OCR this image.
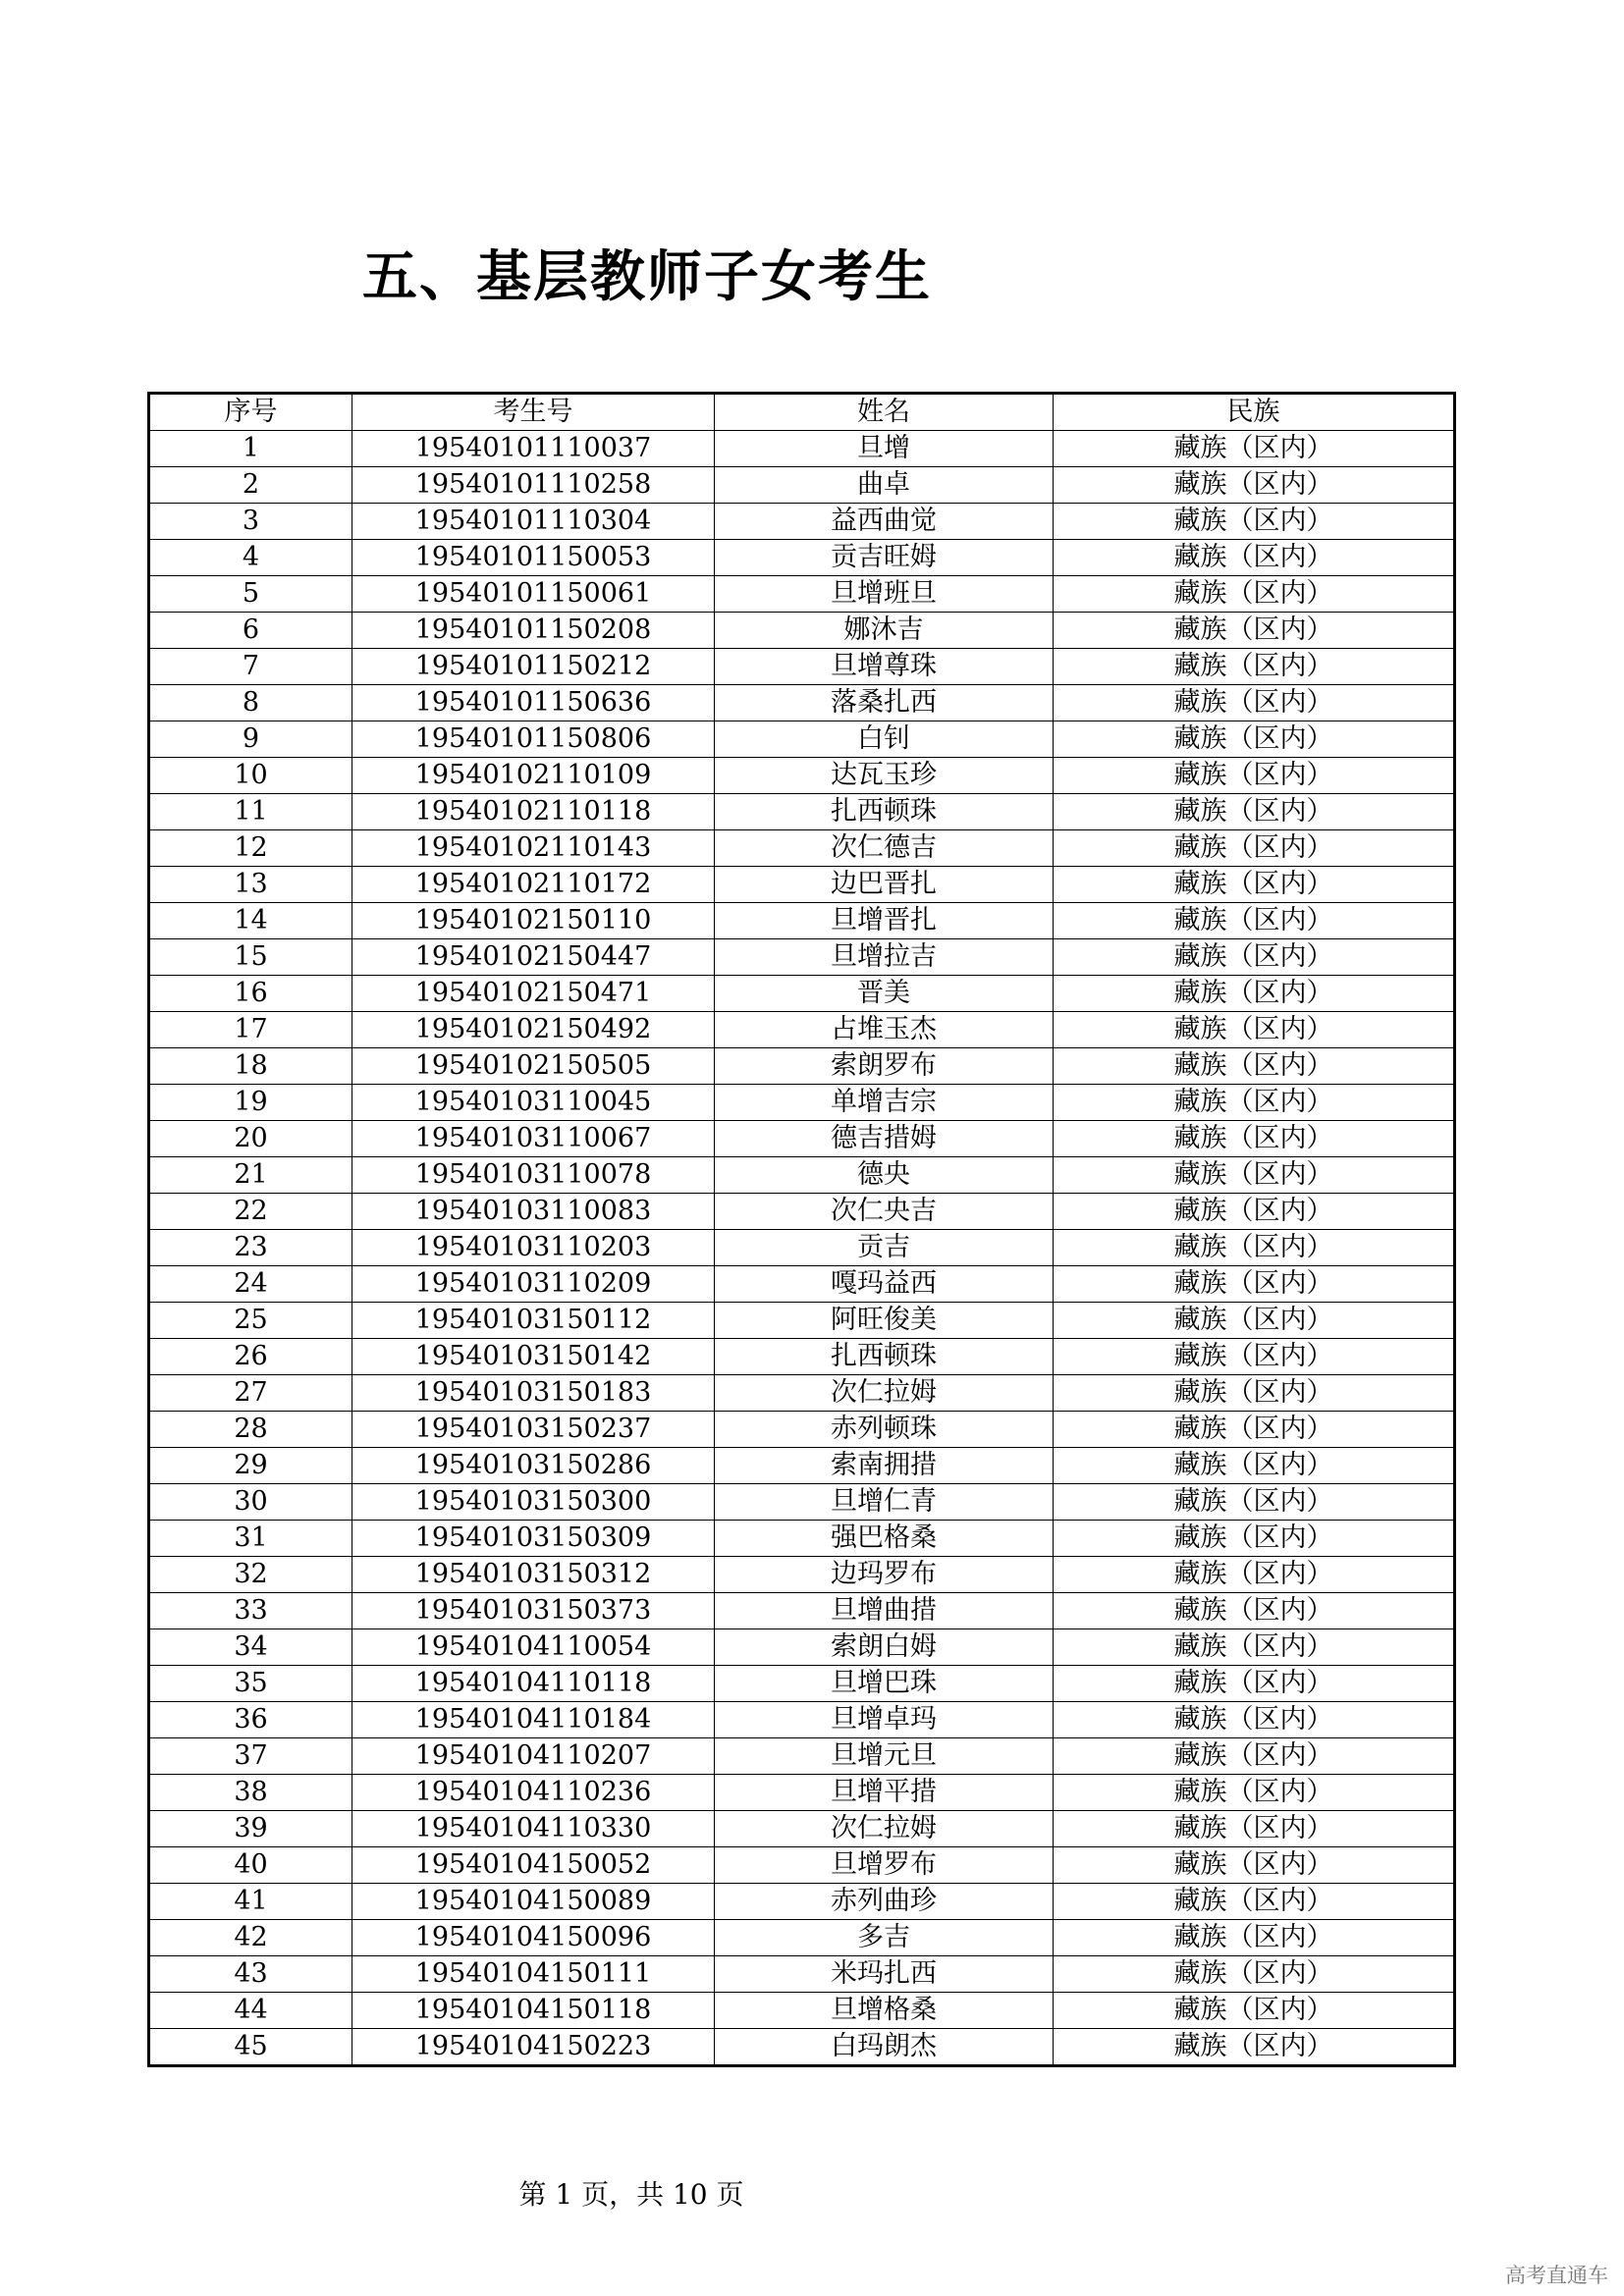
五、基层教师子女考生
序号	考生号	姓名	民族
1	19540101110037	旦增	藏族（区内）
2	19540101110258	曲卓	藏族（区内）
3	19540101110304	益西曲觉	藏族（区内）
4	19540101150053	贡吉旺姆	藏族（区内）
5	19540101150061	旦增班旦	藏族（区内）
6	19540101150208	娜沐吉	藏族（区内）
7	19540101150212	旦增尊珠	藏族（区内）
8	19540101150636	落桑扎西	藏族（区内）
9	19540101150806	白钊	藏族（区内）
10	19540102110109	达瓦玉珍	藏族（区内）
11	19540102110118	扎西顿珠	藏族（区内）
12	19540102110143	次仁德吉	藏族（区内）
13	19540102110172	边巴晋扎	藏族（区内）
14	19540102150110	旦增晋扎	藏族（区内）
15	19540102150447	旦增拉吉	藏族（区内）
16	19540102150471	晋美	藏族（区内）
17	19540102150492	占堆玉杰	藏族（区内）
18	19540102150505	索朗罗布	藏族（区内）
19	19540103110045	单增吉宗	藏族（区内）
20	19540103110067	德吉措姆	藏族（区内）
21	19540103110078	德央	藏族（区内）
22	19540103110083	次仁央吉	藏族（区内）
23	19540103110203	贡吉	藏族（区内）
24	19540103110209	嘎玛益西	藏族（区内）
25	19540103150112	阿旺俊美	藏族（区内）
26	19540103150142	扎西顿珠	藏族（区内）
27	19540103150183	次仁拉姆	藏族（区内）
28	19540103150237	赤列顿珠	藏族（区内）
29	19540103150286	索南拥措	藏族（区内）
30	19540103150300	旦增仁青	藏族（区内）
31	19540103150309	强巴格桑	藏族（区内）
32	19540103150312	边玛罗布	藏族（区内）
33	19540103150373	旦增曲措	藏族（区内）
34	19540104110054	索朗白姆	藏族（区内）
35	19540104110118	旦增巴珠	藏族（区内）
36	19540104110184	旦增卓玛	藏族（区内）
37	19540104110207	旦增元旦	藏族（区内）
38	19540104110236	旦增平措	藏族（区内）
39	19540104110330	次仁拉姆	藏族（区内）
40	19540104150052	旦增罗布	藏族（区内）
41	19540104150089	赤列曲珍	藏族（区内）
42	19540104150096	多吉	藏族（区内）
43	19540104150111	米玛扎西	藏族（区内）
44	19540104150118	旦增格桑	藏族（区内）
45	19540104150223	白玛朗杰	藏族（区内）
第 1 页，共 10 页
高考直通车
